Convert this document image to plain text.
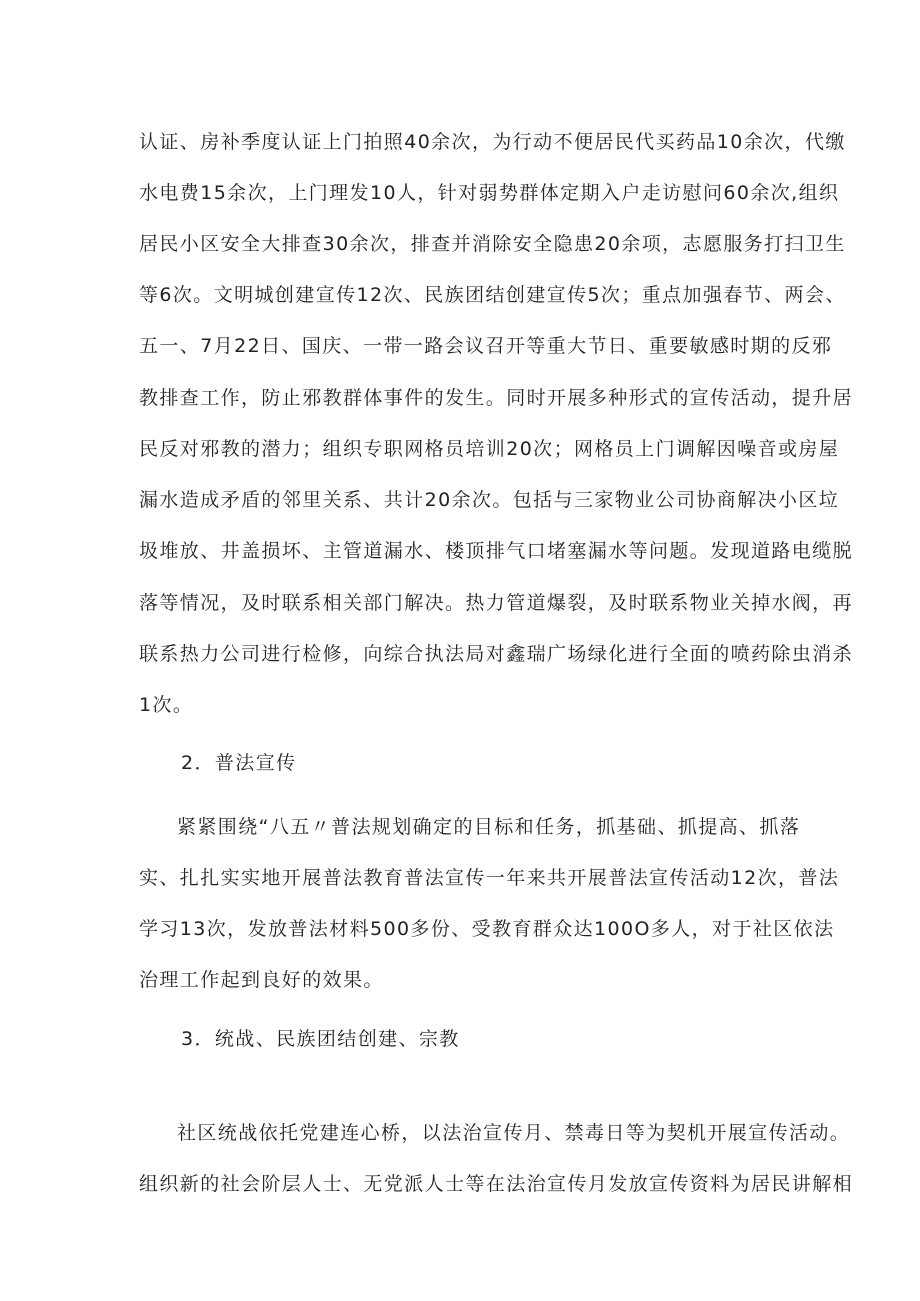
认证、房补季度认证上门拍照40余次，为行动不便居民代买药品10余次，代缴
水电费15余次，上门理发10人，针对弱势群体定期入户走访慰问60余次,组织
居民小区安全大排查30余次，排查并消除安全隐患20余项，志愿服务打扫卫生
等6次。文明城创建宣传12次、民族团结创建宣传5次；重点加强春节、两会、
五一、7月22日、国庆、一带一路会议召开等重大节日、重要敏感时期的反邪
教排查工作，防止邪教群体事件的发生。同时开展多种形式的宣传活动，提升居
民反对邪教的潜力；组织专职网格员培训20次；网格员上门调解因噪音或房屋
漏水造成矛盾的邻里关系、共计20余次。包括与三家物业公司协商解决小区垃
圾堆放、井盖损坏、主管道漏水、楼顶排气口堵塞漏水等问题。发现道路电缆脱
落等情况，及时联系相关部门解决。热力管道爆裂，及时联系物业关掉水阀，再
联系热力公司进行检修，向综合执法局对鑫瑞广场绿化进行全面的喷药除虫消杀
1次。
2．普法宣传
紧紧围绕“八五〃普法规划确定的目标和任务，抓基础、抓提高、抓落
实、扎扎实实地开展普法教育普法宣传一年来共开展普法宣传活动12次，普法
学习13次，发放普法材料500多份、受教育群众达100O多人，对于社区依法
治理工作起到良好的效果。
3．统战、民族团结创建、宗教
社区统战依托党建连心桥，以法治宣传月、禁毒日等为契机开展宣传活动。
组织新的社会阶层人士、无党派人士等在法治宣传月发放宣传资料为居民讲解相
